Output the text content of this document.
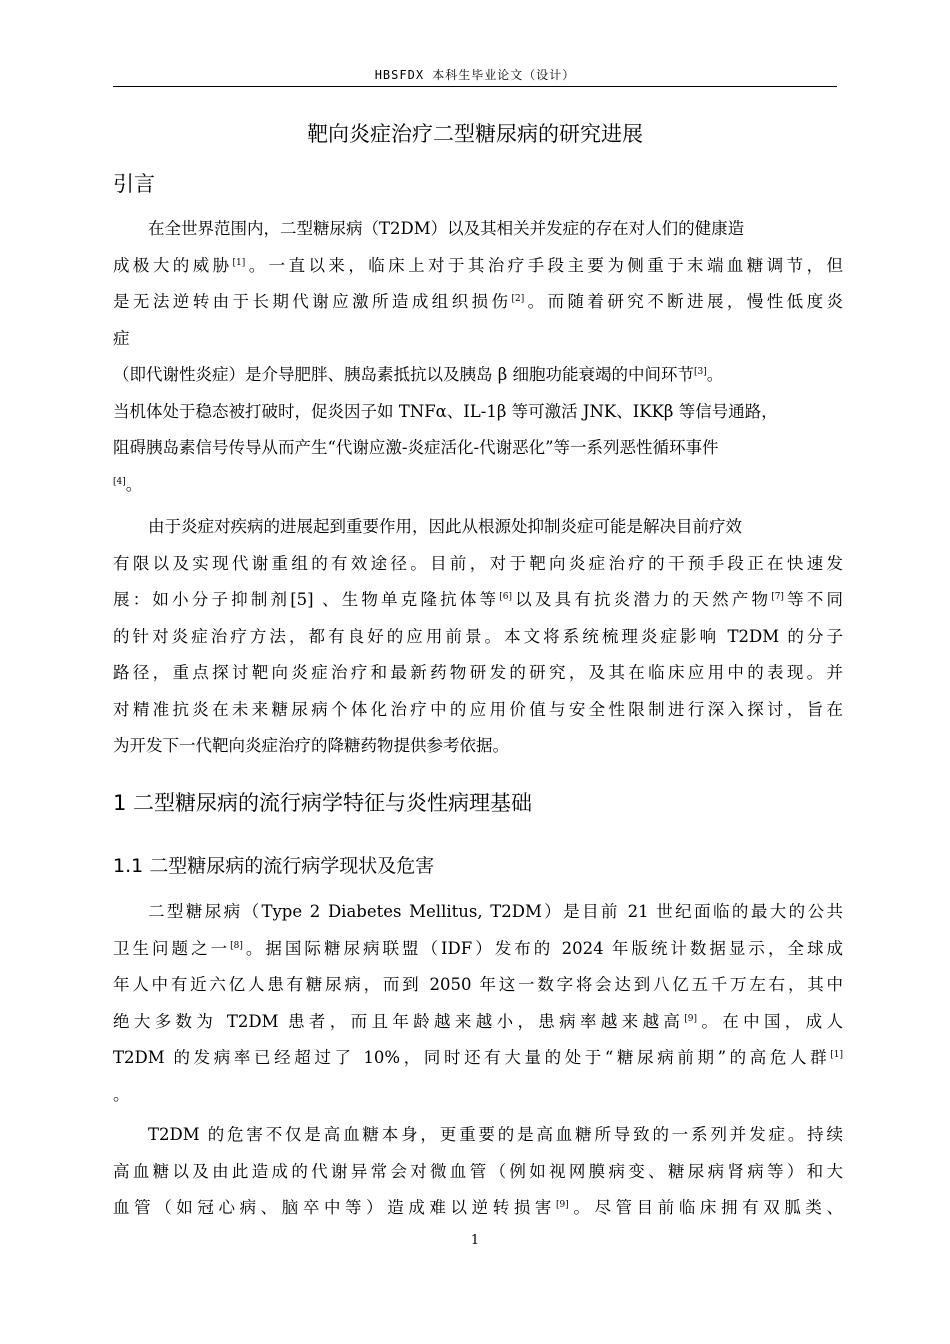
HBSFDX 本科生毕业论文（设计）
靶向炎症治疗二型糖尿病的研究进展
引言
在全世界范围内，二型糖尿病（T2DM）以及其相关并发症的存在对人们的健康造
成极大的威胁[1]。一直以来，临床上对于其治疗手段主要为侧重于末端血糖调节，但
是无法逆转由于长期代谢应激所造成组织损伤[2]。而随着研究不断进展，慢性低度炎
症
（即代谢性炎症）是介导肥胖、胰岛素抵抗以及胰岛 β 细胞功能衰竭的中间环节[3]。
当机体处于稳态被打破时，促炎因子如 TNFα、IL-1β 等可激活 JNK、IKKβ 等信号通路，
阻碍胰岛素信号传导从而产生“代谢应激-炎症活化-代谢恶化”等一系列恶性循环事件
[4]。
由于炎症对疾病的进展起到重要作用，因此从根源处抑制炎症可能是解决目前疗效
有限以及实现代谢重组的有效途径。目前，对于靶向炎症治疗的干预手段正在快速发
展：如小分子抑制剂[5] 、生物单克隆抗体等[6]以及具有抗炎潜力的天然产物[7]等不同
的针对炎症治疗方法，都有良好的应用前景。本文将系统梳理炎症影响 T2DM 的分子
路径，重点探讨靶向炎症治疗和最新药物研发的研究，及其在临床应用中的表现。并
对精准抗炎在未来糖尿病个体化治疗中的应用价值与安全性限制进行深入探讨，旨在
为开发下一代靶向炎症治疗的降糖药物提供参考依据。
1 二型糖尿病的流行病学特征与炎性病理基础
1.1 二型糖尿病的流行病学现状及危害
二型糖尿病（Type 2 Diabetes Mellitus, T2DM）是目前 21 世纪面临的最大的公共
卫生问题之一[8]。据国际糖尿病联盟（IDF）发布的 2024 年版统计数据显示，全球成
年人中有近六亿人患有糖尿病，而到 2050 年这一数字将会达到八亿五千万左右，其中
绝大多数为 T2DM 患者，而且年龄越来越小，患病率越来越高[9]。在中国，成人
T2DM 的发病率已经超过了 10%，同时还有大量的处于“糖尿病前期”的高危人群[1]
。
T2DM 的危害不仅是高血糖本身，更重要的是高血糖所导致的一系列并发症。持续
高血糖以及由此造成的代谢异常会对微血管（例如视网膜病变、糖尿病肾病等）和大
血管（如冠心病、脑卒中等）造成难以逆转损害[9]。尽管目前临床拥有双胍类、
1
